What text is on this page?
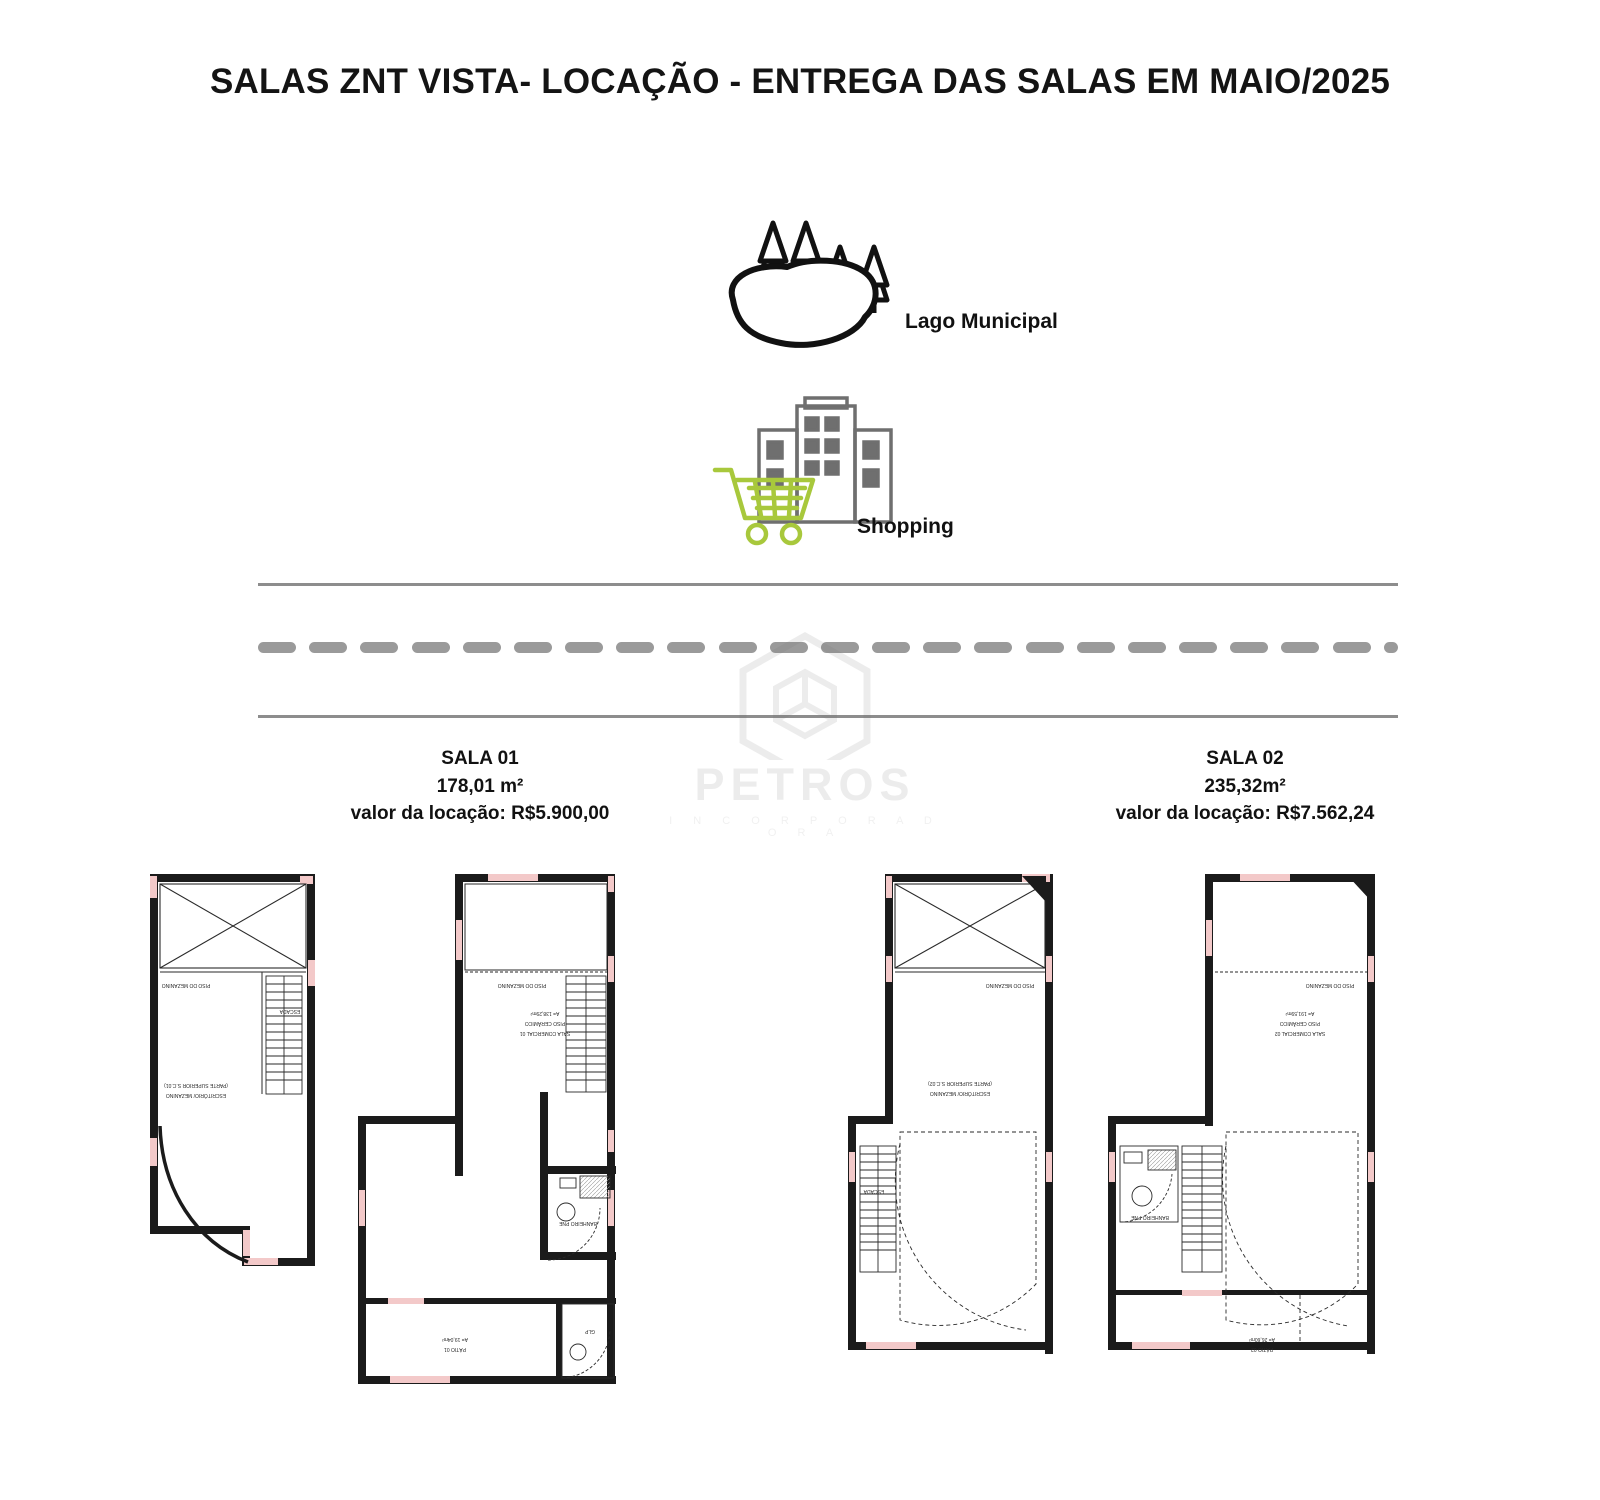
SALAS ZNT VISTA- LOCAÇÃO - ENTREGA DAS SALAS EM MAIO/2025
Lago Municipal
Shopping
PETROS
I N C O R P O R A D O R A
SALA 01
178,01 m²
valor da locação: R$5.900,00
SALA 02
235,32m²
valor da locação: R$7.562,24
ESCRITÓRIO/ MEZANINO
(PARTE SUPERIOR S.C.01)
ESCADA
PISO DO MEZANINO
SALA COMERCIAL 01
PISO CERÂMICO
A= 138,29m²
PISO DO MEZANINO
PÁTIO 01
A= 19,04m²
GLP
BANHEIRO PNE
ESCRITÓRIO/ MEZANINO
(PARTE SUPERIOR S.C.02)
ESCADA
PISO DO MEZANINO
SALA COMERCIAL 02
PISO CERÂMICO
A= 191,59m²
PISO DO MEZANINO
PÁTIO 02
A= 26,60m²
BANHEIRO PNE
